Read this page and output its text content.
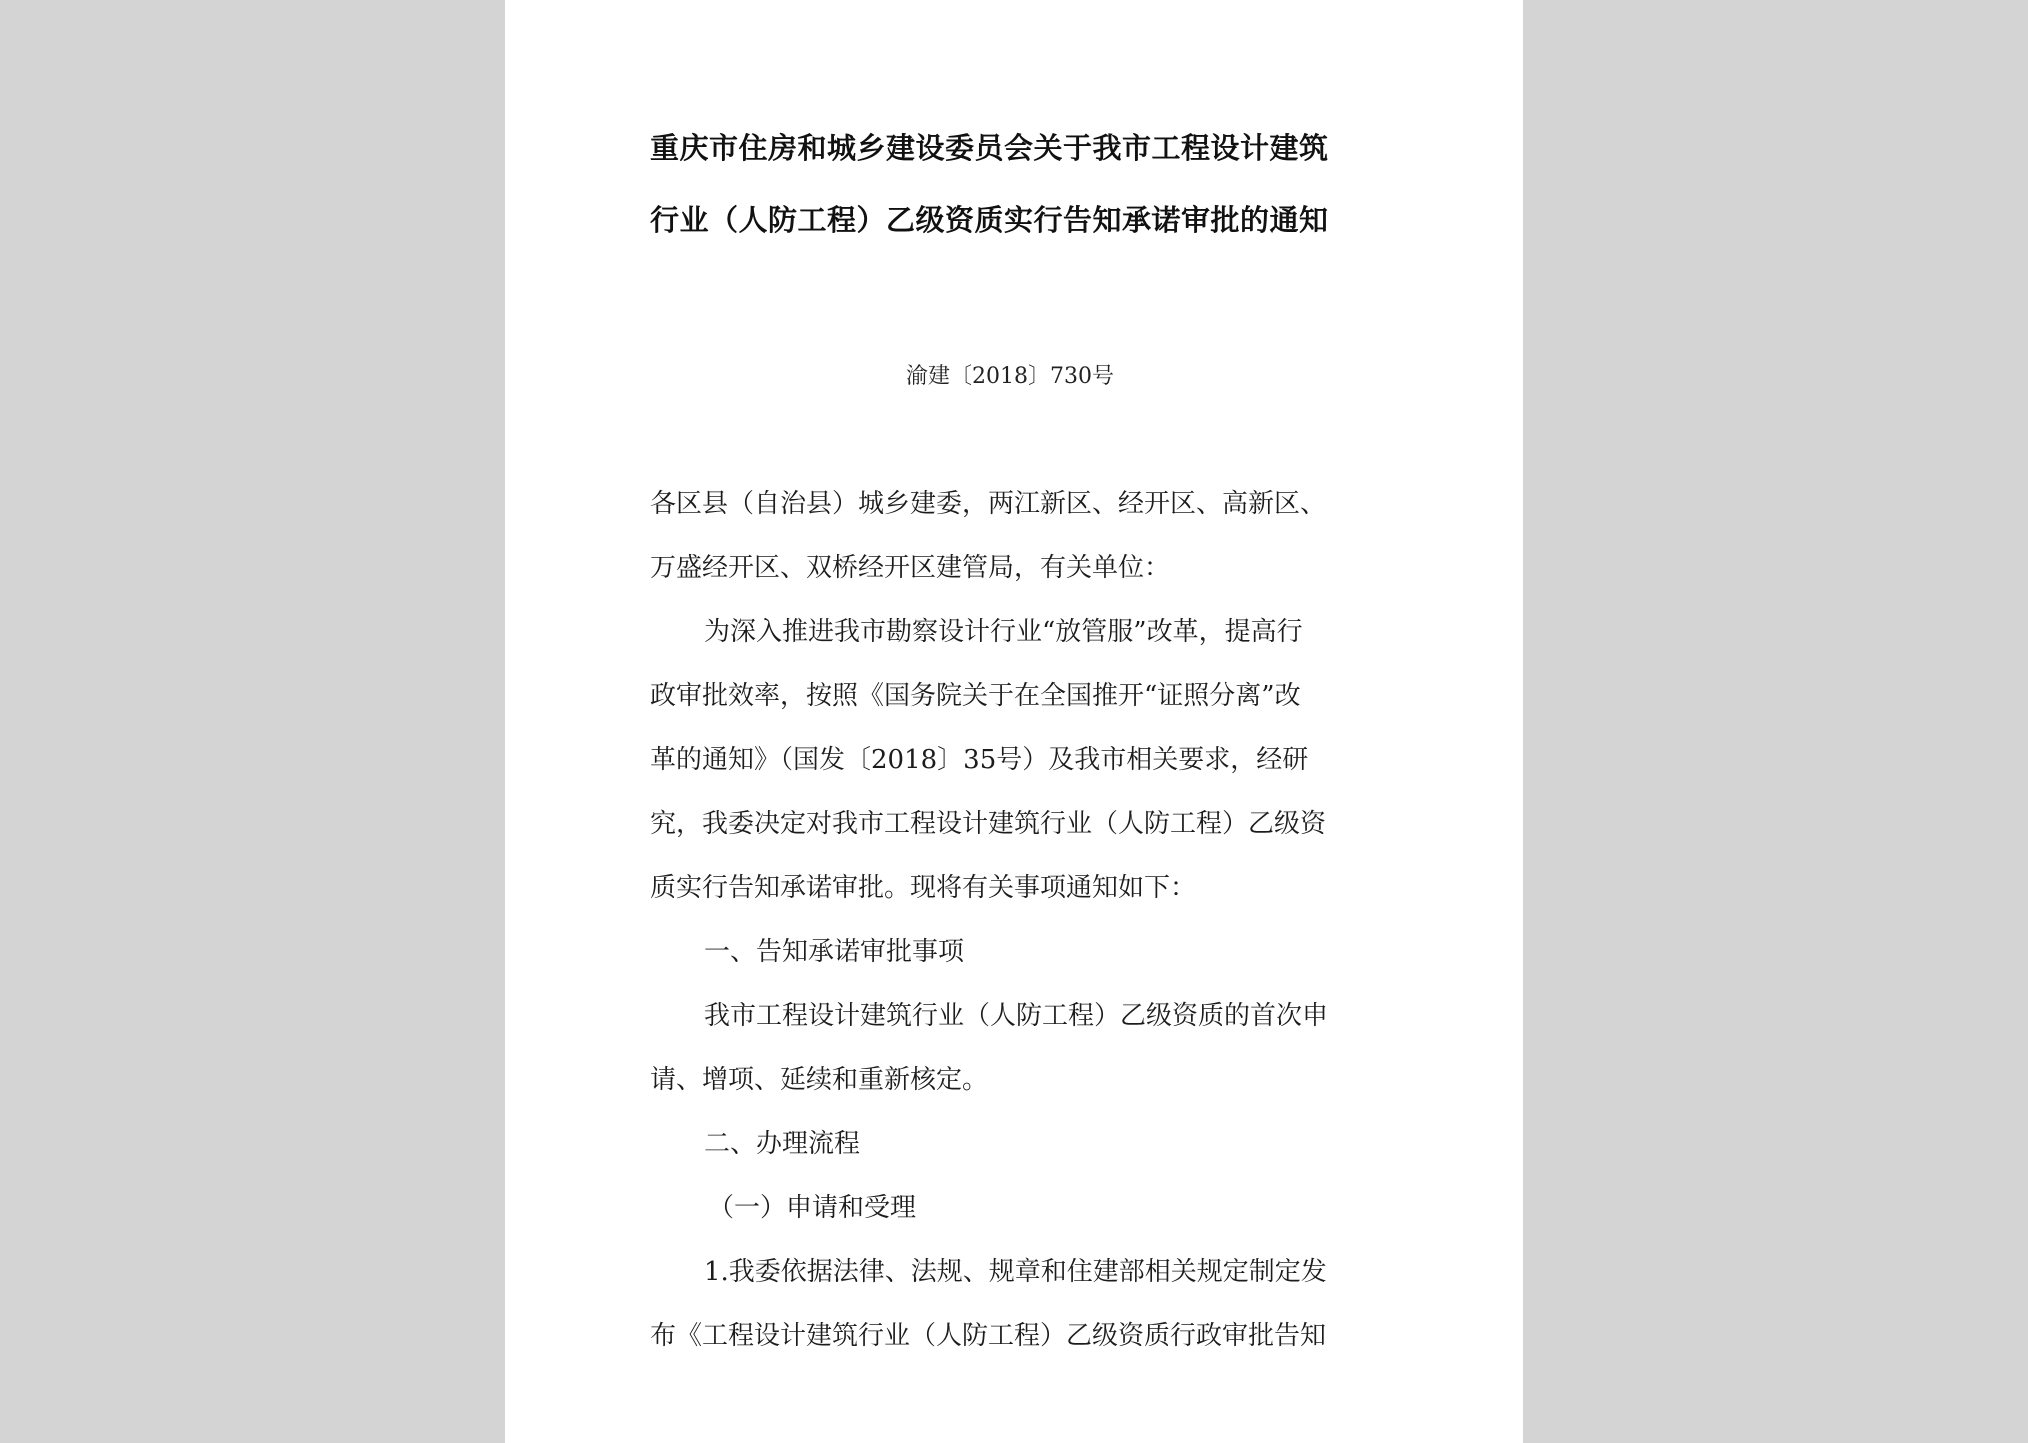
重庆市住房和城乡建设委员会关于我市工程设计建筑
行业（人防工程）乙级资质实行告知承诺审批的通知
渝建〔2018〕730号
各区县（自治县）城乡建委，两江新区、经开区、高新区、
万盛经开区、双桥经开区建管局，有关单位：
为深入推进我市勘察设计行业“放管服”改革，提高行
政审批效率，按照《国务院关于在全国推开“证照分离”改
革的通知》（国发〔2018〕35号）及我市相关要求，经研
究，我委决定对我市工程设计建筑行业（人防工程）乙级资
质实行告知承诺审批。现将有关事项通知如下：
一、告知承诺审批事项
我市工程设计建筑行业（人防工程）乙级资质的首次申
请、增项、延续和重新核定。
二、办理流程
（一）申请和受理
1.我委依据法律、法规、规章和住建部相关规定制定发
布《工程设计建筑行业（人防工程）乙级资质行政审批告知
